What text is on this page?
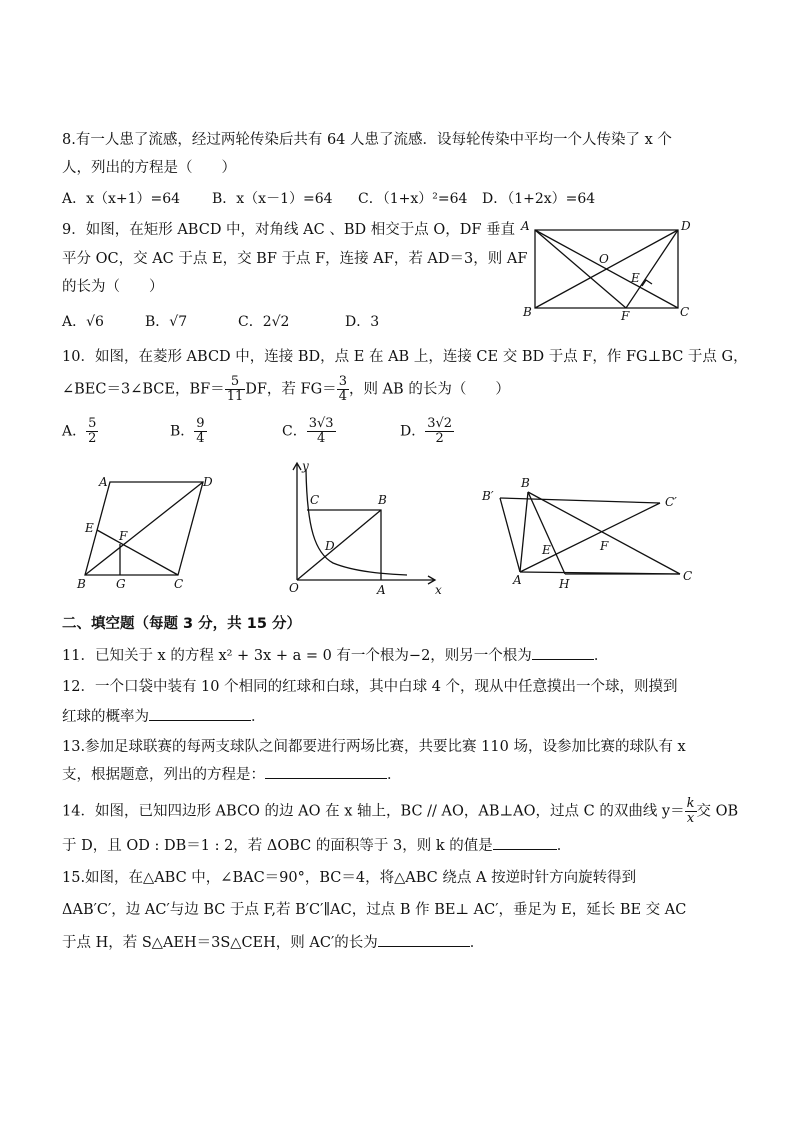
8.有一人患了流感，经过两轮传染后共有 64 人患了流感．设每轮传染中平均一个人传染了 x 个
人，列出的方程是（　　）
A．x（x+1）=64 B．x（x－1）=64 C．（1+x）²=64 D．（1+2x）=64
9．如图，在矩形 ABCD 中，对角线 AC 、BD 相交于点 O，DF 垂直
平分 OC，交 AC 于点 E，交 BF 于点 F，连接 AF，若 AD＝3，则 AF
的长为（　　）
A．√6	B．√7	C．2√2	D．3
A	D
O
E
B	F	C
10．如图，在菱形 ABCD 中，连接 BD，点 E 在 AB 上，连接 CE 交 BD 于点 F，作 FG⊥BC 于点 G，
∠BEC＝3∠BCE，$BF= \frac{5}{11}$ DF，若 $FG= \frac{3}{4}$ ，则 AB 的长为（　　）
A． $\frac{5}{2}$	B． $\frac{9}{4}$	C． $\frac{3√3}{4}$	D． $\frac{3√2}{2}$
A	D
E
F
B	G	C
y
C	B
D
O	A	x
B′
B
C′
F
E
A	H
C
二、填空题（每题 3 分，共 15 分）
11．已知关于 x 的方程 x² + 3x + a = 0 有一个根为−2，则另一个根为	．
12．一个口袋中装有 10 个相同的红球和白球，其中白球 4 个，现从中任意摸出一个球，则摸到
红球的概率为	．
13.参加足球联赛的每两支球队之间都要进行两场比赛，共要比赛 110 场，设参加比赛的球队有 x
支，根据题意，列出的方程是：	．
14．如图，已知四边形 ABCO 的边 AO 在 x 轴上，BC // AO，AB⊥AO，过点 C 的双曲线 $y= \frac{k}{x}$ 交 OB
于 D，且 OD : DB＝1 : 2，若 ΔOBC 的面积等于 3，则 k 的值是	．
15.如图，在△ABC 中，∠BAC＝90°，BC＝4，将△ABC 绕点 A 按逆时针方向旋转得到
ΔAB′C′，边 AC′与边 BC 于点 F,若 B′C′∥AC，过点 B 作 BE⊥ AC′，垂足为 E，延长 BE 交 AC
于点 H，若 S△AEH＝3S△CEH，则 AC′的长为	．
